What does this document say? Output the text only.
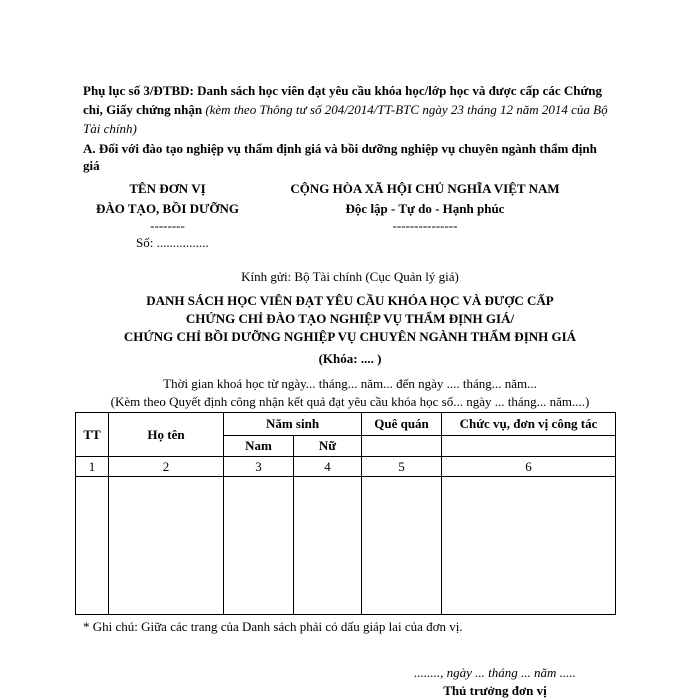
Phụ lục số 3/ĐTBD: Danh sách học viên đạt yêu cầu khóa học/lớp học và được cấp các Chứng chỉ, Giấy chứng nhận (kèm theo Thông tư số 204/2014/TT-BTC ngày 23 tháng 12 năm 2014 của Bộ Tài chính)
A. Đối với đào tạo nghiệp vụ thẩm định giá và bồi dưỡng nghiệp vụ chuyên ngành thẩm định giá
TÊN ĐƠN VỊ
ĐÀO TẠO, BỒI DƯỠNG
--------
Số: ................
CỘNG HÒA XÃ HỘI CHỦ NGHĨA VIỆT NAM
Độc lập - Tự do - Hạnh phúc
---------------
Kính gửi: Bộ Tài chính (Cục Quản lý giá)
DANH SÁCH HỌC VIÊN ĐẠT YÊU CẦU KHÓA HỌC VÀ ĐƯỢC CẤP
CHỨNG CHỈ ĐÀO TẠO NGHIỆP VỤ THẨM ĐỊNH GIÁ/
CHỨNG CHỈ BỒI DƯỠNG NGHIỆP VỤ CHUYÊN NGÀNH THẨM ĐỊNH GIÁ
(Khóa: .... )
Thời gian khoá học từ ngày... tháng... năm... đến ngày .... tháng... năm...
(Kèm theo Quyết định công nhận kết quả đạt yêu cầu khóa học số... ngày ... tháng... năm....)
TT	Họ tên	Năm sinh		Quê quán	Chức vụ, đơn vị công tác
		Nam	Nữ		
1	2	3	4	5	6

* Ghi chú: Giữa các trang của Danh sách phải có dấu giáp lai của đơn vị.
........, ngày ... tháng ... năm .....
Thủ trưởng đơn vị
